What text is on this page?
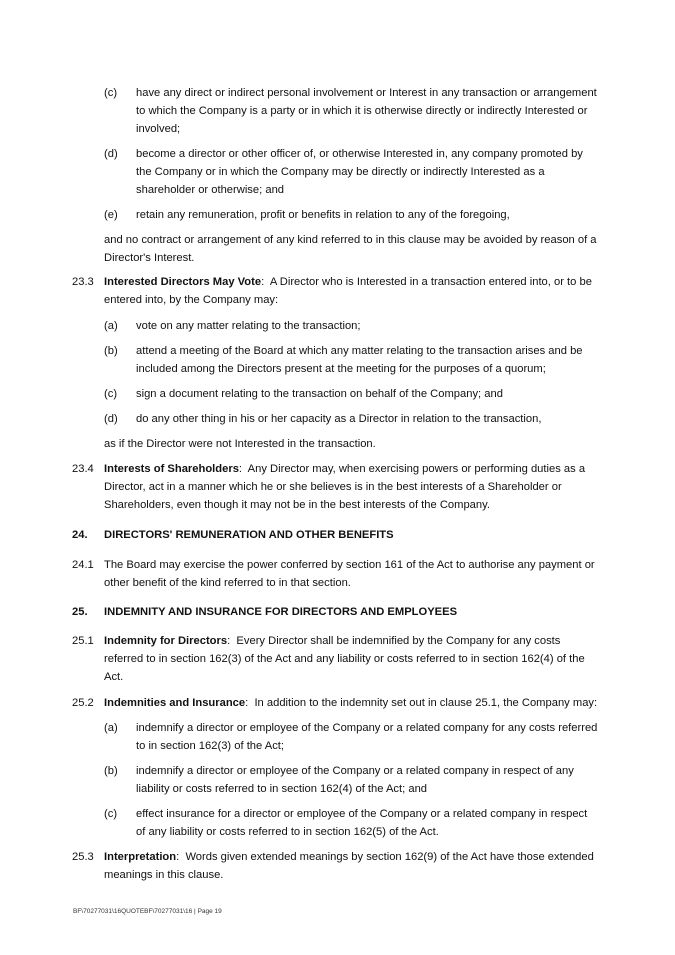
(c) have any direct or indirect personal involvement or Interest in any transaction or arrangement to which the Company is a party or in which it is otherwise directly or indirectly Interested or involved;

(d) become a director or other officer of, or otherwise Interested in, any company promoted by the Company or in which the Company may be directly or indirectly Interested as a shareholder or otherwise; and

(e) retain any remuneration, profit or benefits in relation to any of the foregoing,

and no contract or arrangement of any kind referred to in this clause may be avoided by reason of a Director's Interest.

23.3 Interested Directors May Vote:  A Director who is Interested in a transaction entered into, or to be entered into, by the Company may:

(a) vote on any matter relating to the transaction;

(b) attend a meeting of the Board at which any matter relating to the transaction arises and be included among the Directors present at the meeting for the purposes of a quorum;

(c) sign a document relating to the transaction on behalf of the Company; and

(d) do any other thing in his or her capacity as a Director in relation to the transaction,

as if the Director were not Interested in the transaction.

23.4 Interests of Shareholders:  Any Director may, when exercising powers or performing duties as a Director, act in a manner which he or she believes is in the best interests of a Shareholder or Shareholders, even though it may not be in the best interests of the Company.

24. DIRECTORS' REMUNERATION AND OTHER BENEFITS
24.1 The Board may exercise the power conferred by section 161 of the Act to authorise any payment or other benefit of the kind referred to in that section.

25. INDEMNITY AND INSURANCE FOR DIRECTORS AND EMPLOYEES
25.1 Indemnity for Directors:  Every Director shall be indemnified by the Company for any costs referred to in section 162(3) of the Act and any liability or costs referred to in section 162(4) of the Act.

25.2 Indemnities and Insurance:  In addition to the indemnity set out in clause 25.1, the Company may:

(a) indemnify a director or employee of the Company or a related company for any costs referred to in section 162(3) of the Act;

(b) indemnify a director or employee of the Company or a related company in respect of any liability or costs referred to in section 162(4) of the Act; and

(c) effect insurance for a director or employee of the Company or a related company in respect of any liability or costs referred to in section 162(5) of the Act.

25.3 Interpretation:  Words given extended meanings by section 162(9) of the Act have those extended meanings in this clause.

BF\70277031\16QUOTEBF\70277031\16 | Page 19
